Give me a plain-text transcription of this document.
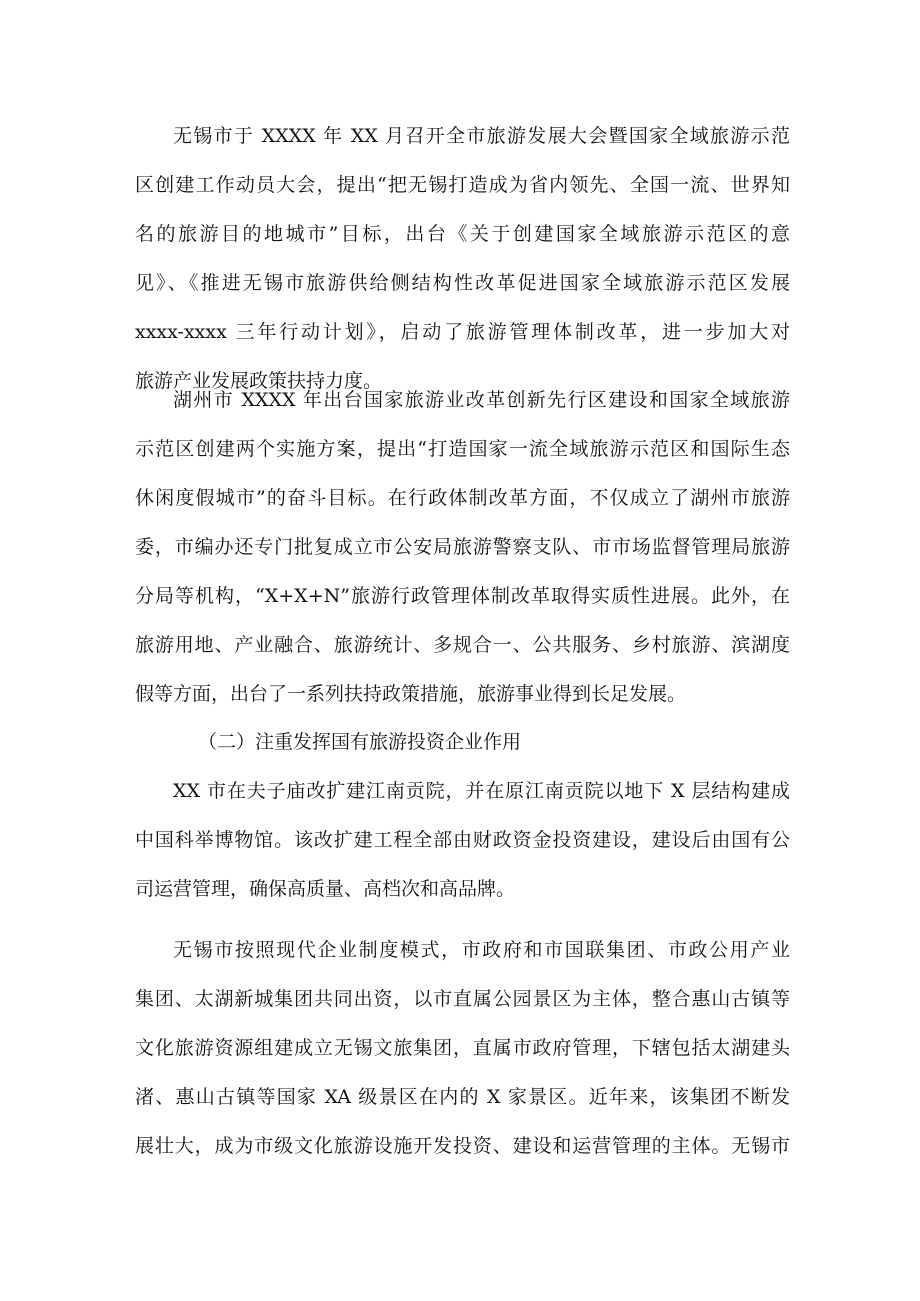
无锡市于 XXXX 年 XX 月召开全市旅游发展大会暨国家全域旅游示范
区创建工作动员大会，提出“把无锡打造成为省内领先、全国一流、世界知
名的旅游目的地城市”目标，出台《关于创建国家全域旅游示范区的意
见》、《推进无锡市旅游供给侧结构性改革促进国家全域旅游示范区发展
xxxx-xxxx 三年行动计划》，启动了旅游管理体制改革，进一步加大对
旅游产业发展政策扶持力度。
湖州市 XXXX 年出台国家旅游业改革创新先行区建设和国家全域旅游
示范区创建两个实施方案，提出“打造国家一流全域旅游示范区和国际生态
休闲度假城市”的奋斗目标。在行政体制改革方面，不仅成立了湖州市旅游
委，市编办还专门批复成立市公安局旅游警察支队、市市场监督管理局旅游
分局等机构，“X+X+N”旅游行政管理体制改革取得实质性进展。此外，在
旅游用地、产业融合、旅游统计、多规合一、公共服务、乡村旅游、滨湖度
假等方面，出台了一系列扶持政策措施，旅游事业得到长足发展。
（二）注重发挥国有旅游投资企业作用
XX 市在夫子庙改扩建江南贡院，并在原江南贡院以地下 X 层结构建成
中国科举博物馆。该改扩建工程全部由财政资金投资建设，建设后由国有公
司运营管理，确保高质量、高档次和高品牌。
无锡市按照现代企业制度模式，市政府和市国联集团、市政公用产业
集团、太湖新城集团共同出资，以市直属公园景区为主体，整合惠山古镇等
文化旅游资源组建成立无锡文旅集团，直属市政府管理，下辖包括太湖建头
渚、惠山古镇等国家 XA 级景区在内的 X 家景区。近年来，该集团不断发
展壮大，成为市级文化旅游设施开发投资、建设和运营管理的主体。无锡市
